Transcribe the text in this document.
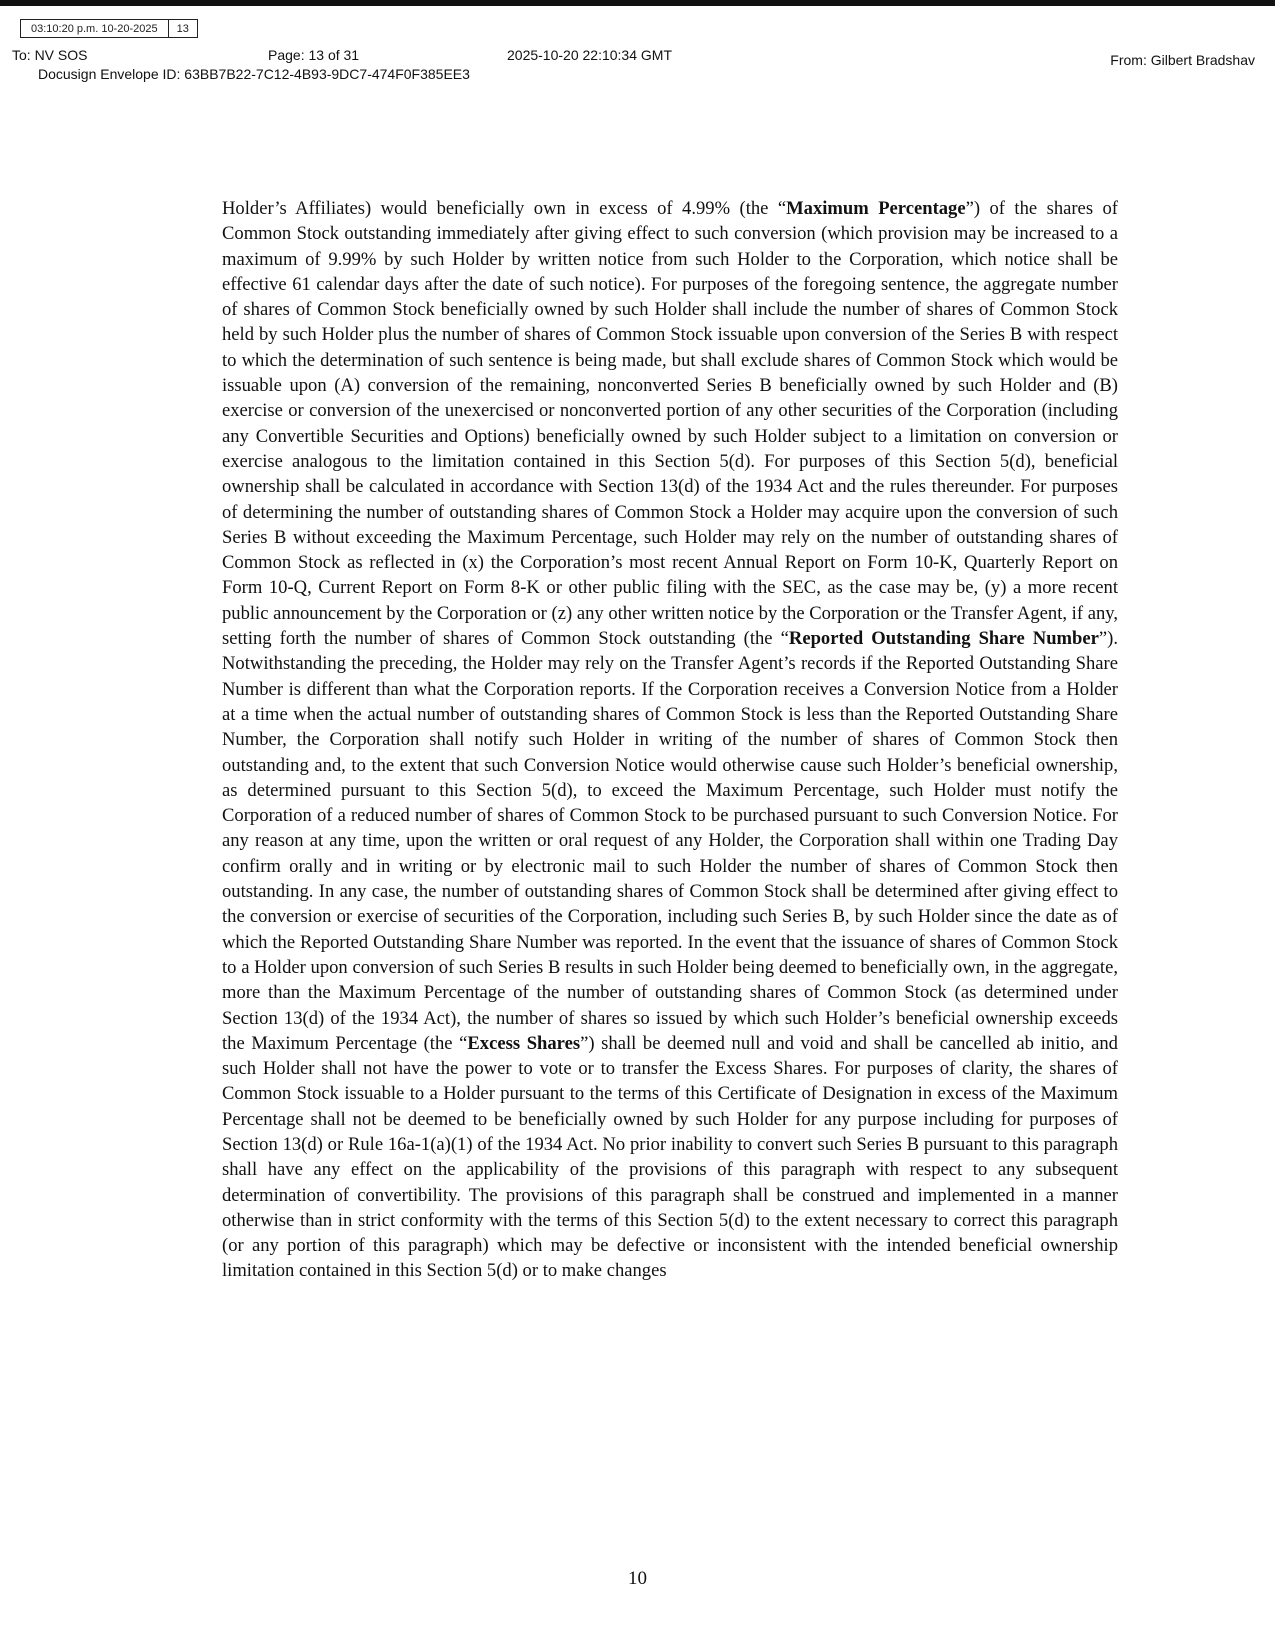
03:10:20 p.m. 10-20-2025	13
To: NV SOS	Page: 13 of 31	2025-10-20 22:10:34 GMT	From: Gilbert Bradshav
Docusign Envelope ID: 63BB7B22-7C12-4B93-9DC7-474F0F385EE3
Holder’s Affiliates) would beneficially own in excess of 4.99% (the “Maximum Percentage”) of the shares of Common Stock outstanding immediately after giving effect to such conversion (which provision may be increased to a maximum of 9.99% by such Holder by written notice from such Holder to the Corporation, which notice shall be effective 61 calendar days after the date of such notice). For purposes of the foregoing sentence, the aggregate number of shares of Common Stock beneficially owned by such Holder shall include the number of shares of Common Stock held by such Holder plus the number of shares of Common Stock issuable upon conversion of the Series B with respect to which the determination of such sentence is being made, but shall exclude shares of Common Stock which would be issuable upon (A) conversion of the remaining, nonconverted Series B beneficially owned by such Holder and (B) exercise or conversion of the unexercised or nonconverted portion of any other securities of the Corporation (including any Convertible Securities and Options) beneficially owned by such Holder subject to a limitation on conversion or exercise analogous to the limitation contained in this Section 5(d). For purposes of this Section 5(d), beneficial ownership shall be calculated in accordance with Section 13(d) of the 1934 Act and the rules thereunder. For purposes of determining the number of outstanding shares of Common Stock a Holder may acquire upon the conversion of such Series B without exceeding the Maximum Percentage, such Holder may rely on the number of outstanding shares of Common Stock as reflected in (x) the Corporation’s most recent Annual Report on Form 10-K, Quarterly Report on Form 10-Q, Current Report on Form 8-K or other public filing with the SEC, as the case may be, (y) a more recent public announcement by the Corporation or (z) any other written notice by the Corporation or the Transfer Agent, if any, setting forth the number of shares of Common Stock outstanding (the “Reported Outstanding Share Number”). Notwithstanding the preceding, the Holder may rely on the Transfer Agent’s records if the Reported Outstanding Share Number is different than what the Corporation reports. If the Corporation receives a Conversion Notice from a Holder at a time when the actual number of outstanding shares of Common Stock is less than the Reported Outstanding Share Number, the Corporation shall notify such Holder in writing of the number of shares of Common Stock then outstanding and, to the extent that such Conversion Notice would otherwise cause such Holder’s beneficial ownership, as determined pursuant to this Section 5(d), to exceed the Maximum Percentage, such Holder must notify the Corporation of a reduced number of shares of Common Stock to be purchased pursuant to such Conversion Notice. For any reason at any time, upon the written or oral request of any Holder, the Corporation shall within one Trading Day confirm orally and in writing or by electronic mail to such Holder the number of shares of Common Stock then outstanding. In any case, the number of outstanding shares of Common Stock shall be determined after giving effect to the conversion or exercise of securities of the Corporation, including such Series B, by such Holder since the date as of which the Reported Outstanding Share Number was reported. In the event that the issuance of shares of Common Stock to a Holder upon conversion of such Series B results in such Holder being deemed to beneficially own, in the aggregate, more than the Maximum Percentage of the number of outstanding shares of Common Stock (as determined under Section 13(d) of the 1934 Act), the number of shares so issued by which such Holder’s beneficial ownership exceeds the Maximum Percentage (the “Excess Shares”) shall be deemed null and void and shall be cancelled ab initio, and such Holder shall not have the power to vote or to transfer the Excess Shares. For purposes of clarity, the shares of Common Stock issuable to a Holder pursuant to the terms of this Certificate of Designation in excess of the Maximum Percentage shall not be deemed to be beneficially owned by such Holder for any purpose including for purposes of Section 13(d) or Rule 16a-1(a)(1) of the 1934 Act. No prior inability to convert such Series B pursuant to this paragraph shall have any effect on the applicability of the provisions of this paragraph with respect to any subsequent determination of convertibility. The provisions of this paragraph shall be construed and implemented in a manner otherwise than in strict conformity with the terms of this Section 5(d) to the extent necessary to correct this paragraph (or any portion of this paragraph) which may be defective or inconsistent with the intended beneficial ownership limitation contained in this Section 5(d) or to make changes
10
